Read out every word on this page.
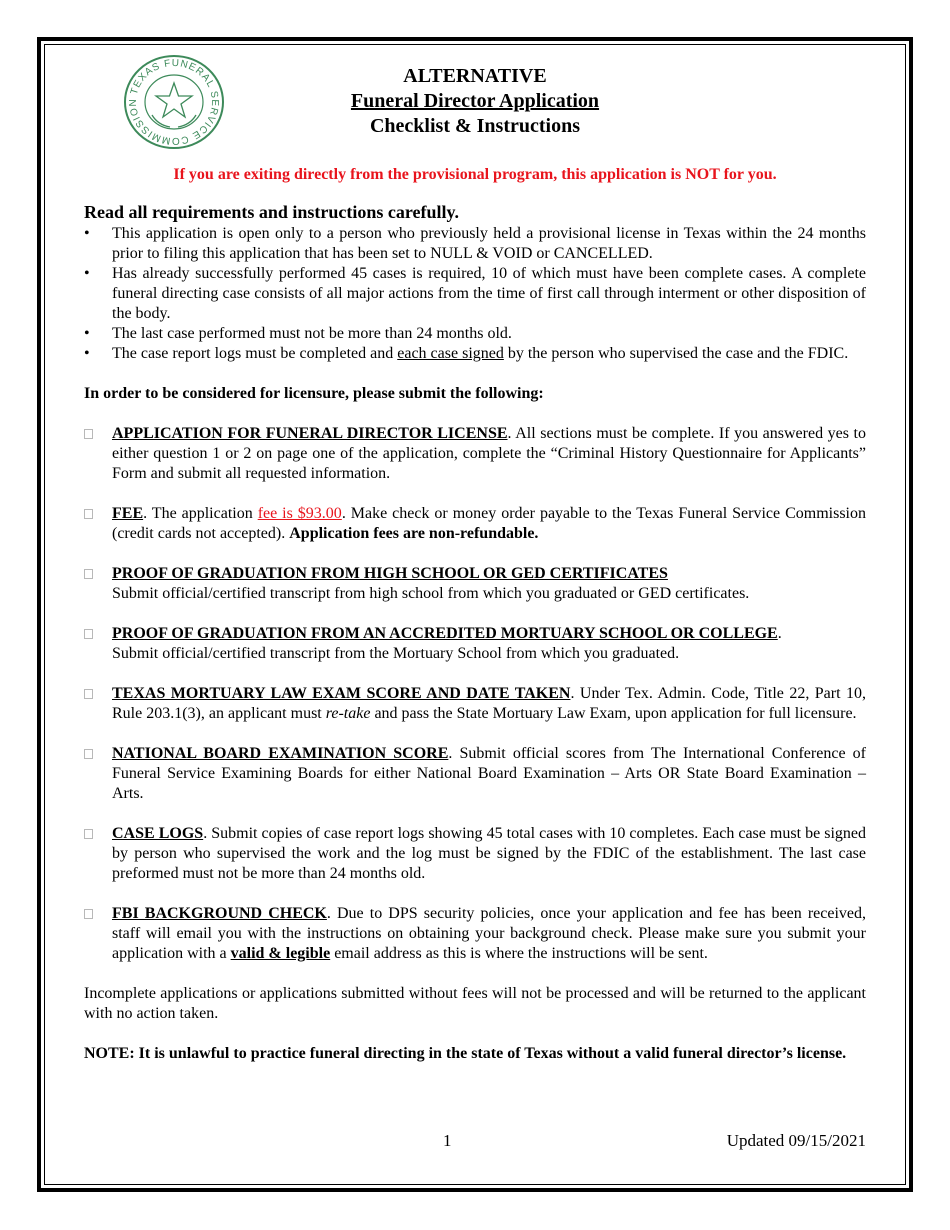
TEXAS FUNERAL SERVICE COMMISSION
ALTERNATIVE
Funeral Director Application
Checklist & Instructions
If you are exiting directly from the provisional program, this application is NOT for you.
Read all requirements and instructions carefully.
• This application is open only to a person who previously held a provisional license in Texas within the 24 months prior to filing this application that has been set to NULL & VOID or CANCELLED.
• Has already successfully performed 45 cases is required, 10 of which must have been complete cases. A complete funeral directing case consists of all major actions from the time of first call through interment or other disposition of the body.
• The last case performed must not be more than 24 months old.
• The case report logs must be completed and each case signed by the person who supervised the case and the FDIC.
In order to be considered for licensure, please submit the following:
APPLICATION FOR FUNERAL DIRECTOR LICENSE. All sections must be complete. If you answered yes to either question 1 or 2 on page one of the application, complete the “Criminal History Questionnaire for Applicants” Form and submit all requested information.
FEE. The application fee is $93.00. Make check or money order payable to the Texas Funeral Service Commission (credit cards not accepted). Application fees are non-refundable.
PROOF OF GRADUATION FROM HIGH SCHOOL OR GED CERTIFICATES
Submit official/certified transcript from high school from which you graduated or GED certificates.
PROOF OF GRADUATION FROM AN ACCREDITED MORTUARY SCHOOL OR COLLEGE.
Submit official/certified transcript from the Mortuary School from which you graduated.
TEXAS MORTUARY LAW EXAM SCORE AND DATE TAKEN. Under Tex. Admin. Code, Title 22, Part 10, Rule 203.1(3), an applicant must re-take and pass the State Mortuary Law Exam, upon application for full licensure.
NATIONAL BOARD EXAMINATION SCORE. Submit official scores from The International Conference of Funeral Service Examining Boards for either National Board Examination – Arts OR State Board Examination – Arts.
CASE LOGS. Submit copies of case report logs showing 45 total cases with 10 completes. Each case must be signed by person who supervised the work and the log must be signed by the FDIC of the establishment. The last case preformed must not be more than 24 months old.
FBI BACKGROUND CHECK. Due to DPS security policies, once your application and fee has been received, staff will email you with the instructions on obtaining your background check. Please make sure you submit your application with a valid & legible email address as this is where the instructions will be sent.
Incomplete applications or applications submitted without fees will not be processed and will be returned to the applicant with no action taken.
NOTE: It is unlawful to practice funeral directing in the state of Texas without a valid funeral director’s license.
1	Updated 09/15/2021
